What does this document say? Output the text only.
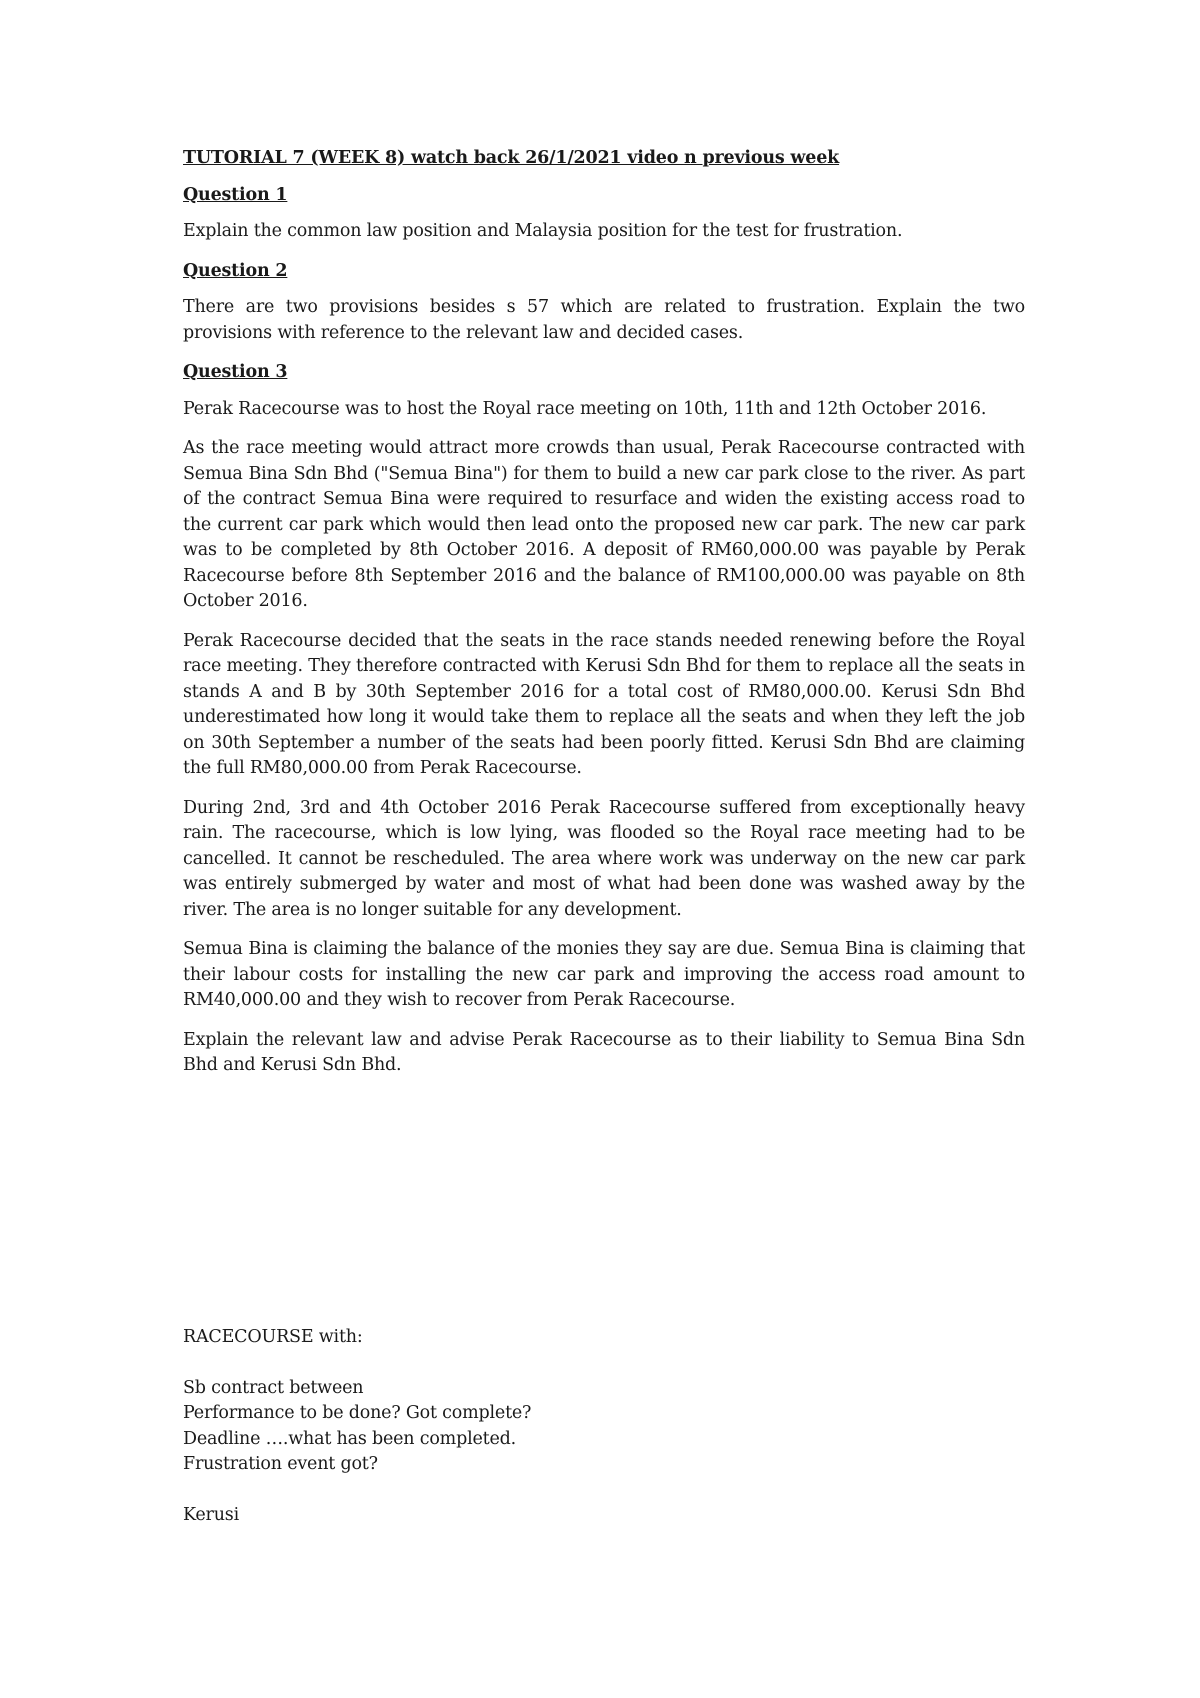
TUTORIAL 7 (WEEK 8) watch back 26/1/2021 video n previous week

Question 1

Explain the common law position and Malaysia position for the test for frustration.

Question 2

There are two provisions besides s 57 which are related to frustration. Explain the two provisions with reference to the relevant law and decided cases.

Question 3

Perak Racecourse was to host the Royal race meeting on 10th, 11th and 12th October 2016.

As the race meeting would attract more crowds than usual, Perak Racecourse contracted with Semua Bina Sdn Bhd ("Semua Bina") for them to build a new car park close to the river. As part of the contract Semua Bina were required to resurface and widen the existing access road to the current car park which would then lead onto the proposed new car park. The new car park was to be completed by 8th October 2016. A deposit of RM60,000.00 was payable by Perak Racecourse before 8th September 2016 and the balance of RM100,000.00 was payable on 8th October 2016.

Perak Racecourse decided that the seats in the race stands needed renewing before the Royal race meeting. They therefore contracted with Kerusi Sdn Bhd for them to replace all the seats in stands A and B by 30th September 2016 for a total cost of RM80,000.00. Kerusi Sdn Bhd underestimated how long it would take them to replace all the seats and when they left the job on 30th September a number of the seats had been poorly fitted. Kerusi Sdn Bhd are claiming the full RM80,000.00 from Perak Racecourse.

During 2nd, 3rd and 4th October 2016 Perak Racecourse suffered from exceptionally heavy rain. The racecourse, which is low lying, was flooded so the Royal race meeting had to be cancelled. It cannot be rescheduled. The area where work was underway on the new car park was entirely submerged by water and most of what had been done was washed away by the river. The area is no longer suitable for any development.

Semua Bina is claiming the balance of the monies they say are due. Semua Bina is claiming that their labour costs for installing the new car park and improving the access road amount to RM40,000.00 and they wish to recover from Perak Racecourse.

Explain the relevant law and advise Perak Racecourse as to their liability to Semua Bina Sdn Bhd and Kerusi Sdn Bhd.

RACECOURSE with:

Sb contract between

Performance to be done? Got complete?

Deadline ….what has been completed.

Frustration event got?

Kerusi
